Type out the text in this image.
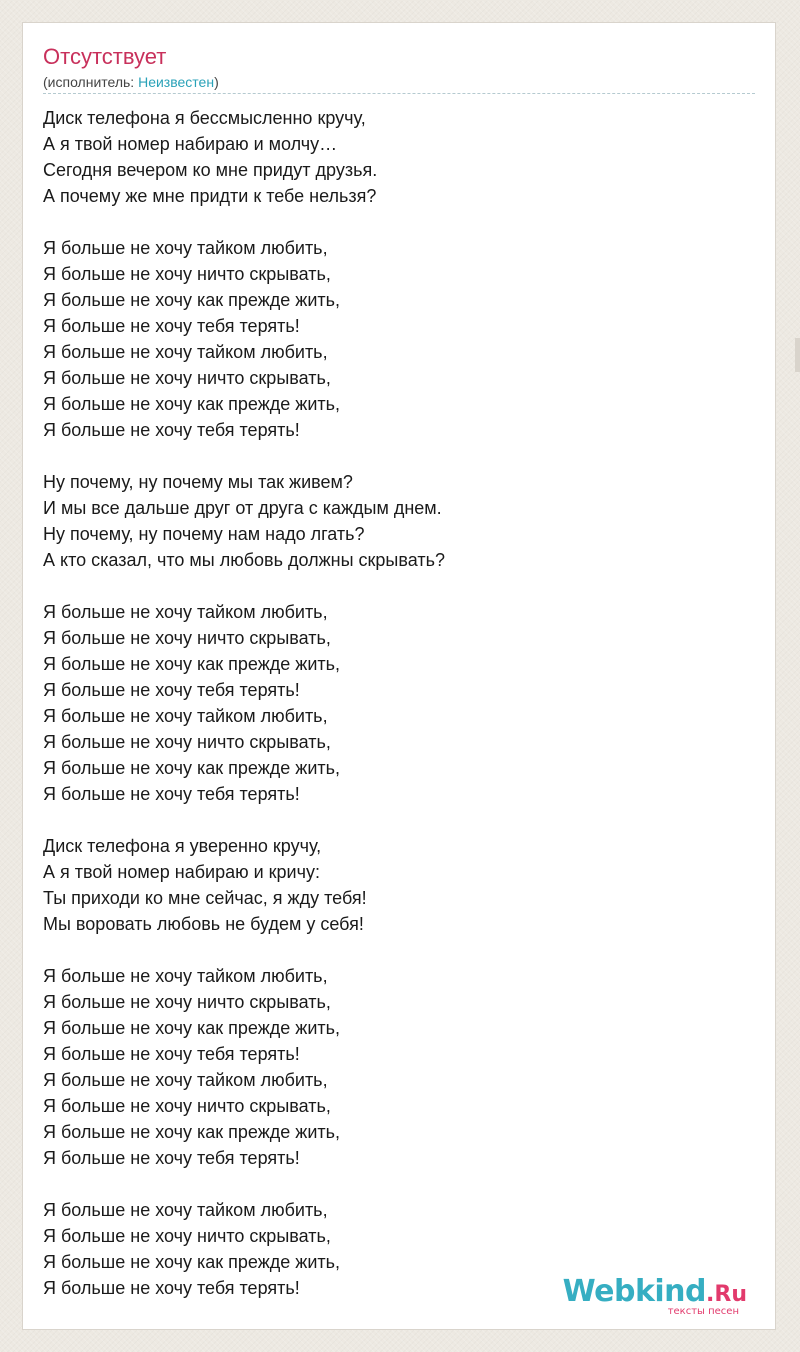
Отсутствует
(исполнитель: Неизвестен)
Диск телефона я бессмысленно кручу,
А я твой номер набираю и молчу…
Сегодня вечером ко мне придут друзья.
А почему же мне придти к тебе нельзя?
Я больше не хочу тайком любить,
Я больше не хочу ничто скрывать,
Я больше не хочу как прежде жить,
Я больше не хочу тебя терять!
Я больше не хочу тайком любить,
Я больше не хочу ничто скрывать,
Я больше не хочу как прежде жить,
Я больше не хочу тебя терять!
Ну почему, ну почему мы так живем?
И мы все дальше друг от друга с каждым днем.
Ну почему, ну почему нам надо лгать?
А кто сказал, что мы любовь должны скрывать?
Я больше не хочу тайком любить,
Я больше не хочу ничто скрывать,
Я больше не хочу как прежде жить,
Я больше не хочу тебя терять!
Я больше не хочу тайком любить,
Я больше не хочу ничто скрывать,
Я больше не хочу как прежде жить,
Я больше не хочу тебя терять!
Диск телефона я уверенно кручу,
А я твой номер набираю и кричу:
Ты приходи ко мне сейчас, я жду тебя!
Мы воровать любовь не будем у себя!
Я больше не хочу тайком любить,
Я больше не хочу ничто скрывать,
Я больше не хочу как прежде жить,
Я больше не хочу тебя терять!
Я больше не хочу тайком любить,
Я больше не хочу ничто скрывать,
Я больше не хочу как прежде жить,
Я больше не хочу тебя терять!
Я больше не хочу тайком любить,
Я больше не хочу ничто скрывать,
Я больше не хочу как прежде жить,
Я больше не хочу тебя терять!	Webkind.Ru
тексты песен
